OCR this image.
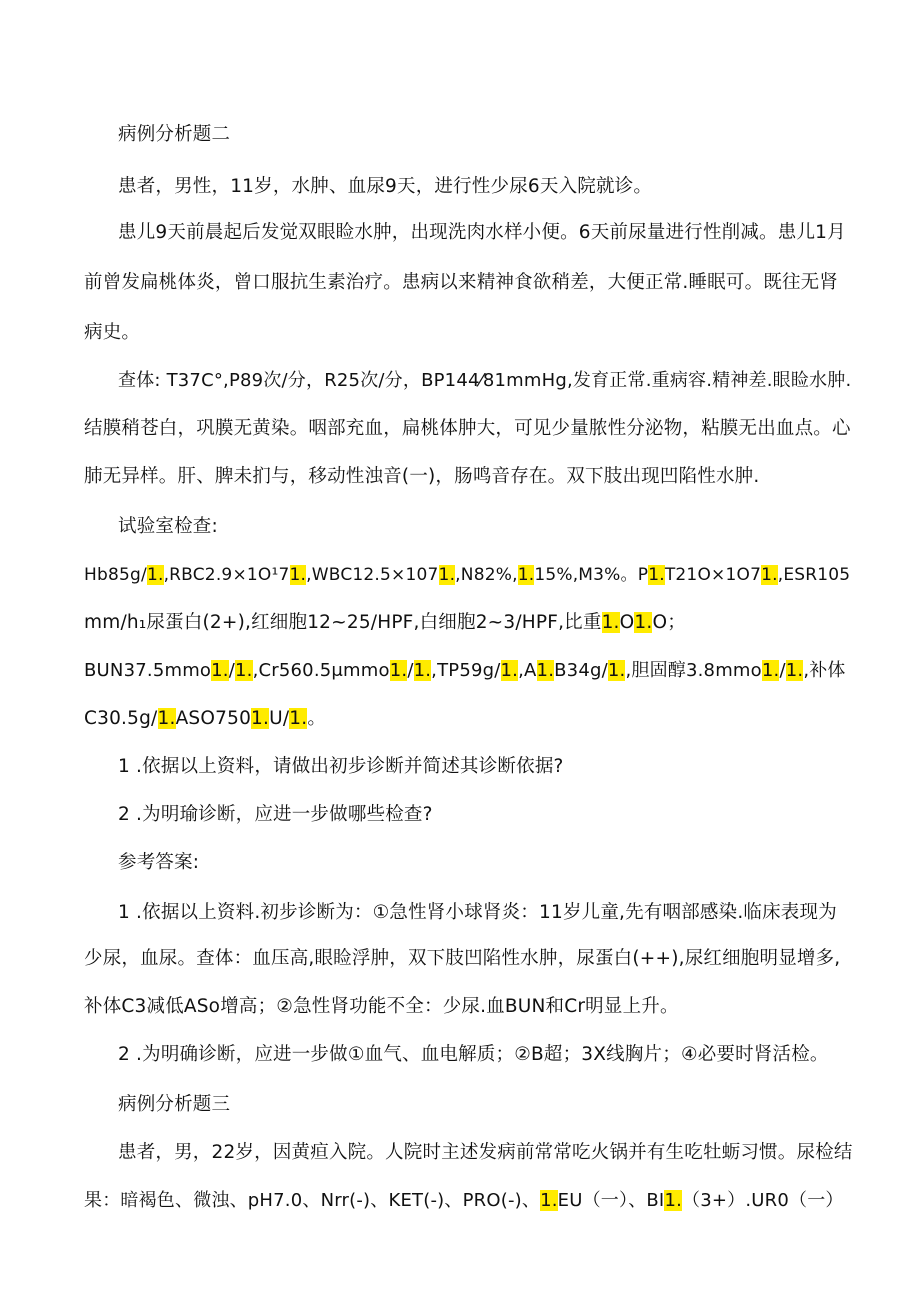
病例分析题二
患者，男性，11岁，水肿、血尿9天，进行性少尿6天入院就诊。
患儿9天前晨起后发觉双眼睑水肿，出现洗肉水样小便。6天前尿量进行性削减。患儿1月
前曾发扁桃体炎，曾口服抗生素治疗。患病以来精神食欲稍差，大便正常.睡眠可。既往无肾
病史。
查体: T37C°,P89次/分，R25次/分，BP144⁄81mmHg,发育正常.重病容.精神差.眼睑水肿.
结膜稍苍白，巩膜无黄染。咽部充血，扁桃体肿大，可见少量脓性分泌物，粘膜无出血点。心
肺无异样。肝、脾未扪与，移动性浊音(一)，肠鸣音存在。双下肢出现凹陷性水肿.
试验室检查:
Hb85g/1.,RBC2.9×1O¹71.,WBC12.5×1071.,N82%,1.15%,M3%。P1.T21O×1O71.,ESR105
mm/h₁尿蛋白(2+),红细胞12~25/HPF,白细胞2~3/HPF,比重1.O1.O；
BUN37.5mmo1./1.,Cr560.5μmmo1./1.,TP59g/1.,A1.B34g/1.,胆固醇3.8mmo1./1.,补体
C30.5g/1.ASO7501.U/1.。
1 .依据以上资料，请做出初步诊断并简述其诊断依据?
2 .为明瑜诊断，应进一步做哪些检查?
参考答案:
1 .依据以上资料.初步诊断为：①急性肾小球肾炎：11岁儿童,先有咽部感染.临床表现为
少尿，血尿。查体：血压高,眼睑浮肿，双下肢凹陷性水肿，尿蛋白(++),尿红细胞明显增多,
补体C3减低ASo增高；②急性肾功能不全：少尿.血BUN和Cr明显上升。
2 .为明确诊断，应进一步做①血气、血电解质；②B超；3X线胸片；④必要时肾活检。
病例分析题三
患者，男，22岁，因黄疸入院。人院时主述发病前常常吃火锅并有生吃牡蛎习惯。尿检结
果：暗褐色、微浊、pH7.0、Nrr(-)、KET(-)、PRO(-)、1.EU（一）、BI1.（3+）.UR0（一）
